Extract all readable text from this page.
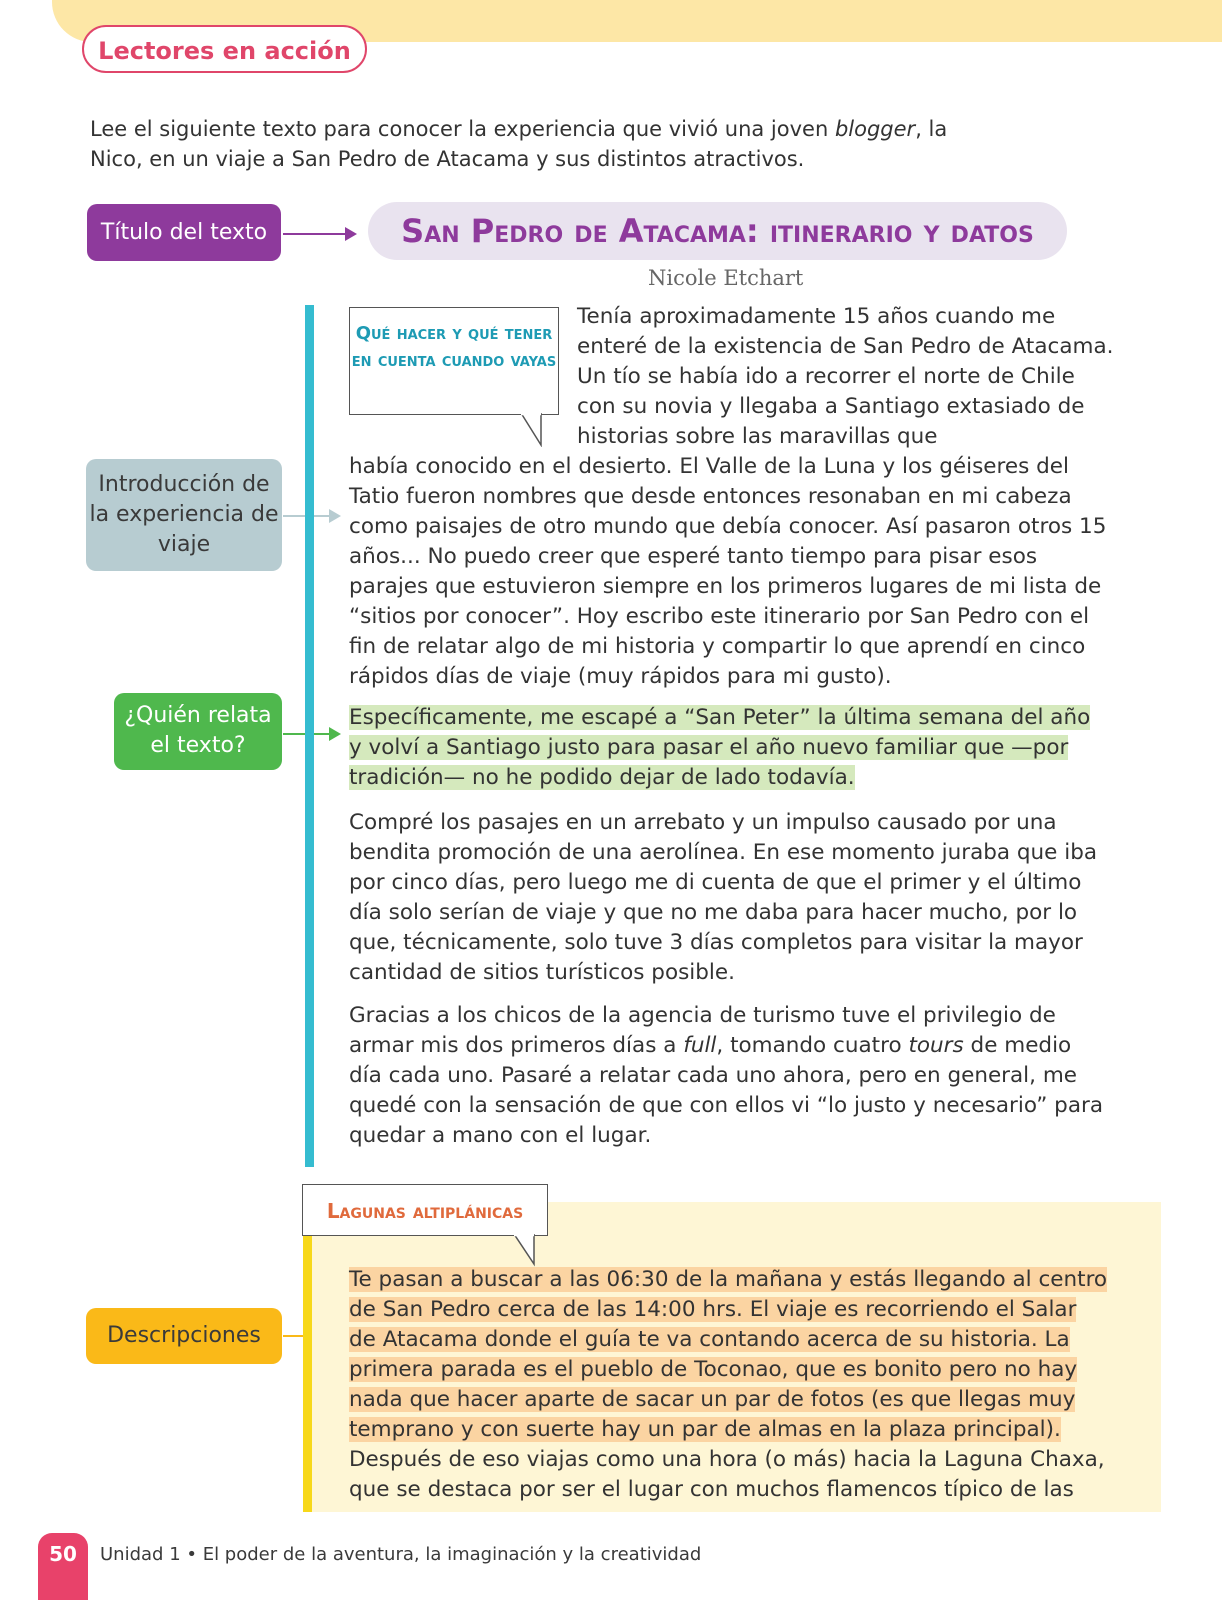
Lectores en acción
Lee el siguiente texto para conocer la experiencia que vivió una joven blogger, la Nico, en un viaje a San Pedro de Atacama y sus distintos atractivos.
Título del texto
Introducción de la experiencia de viaje
¿Quién relata el texto?
Descripciones
San Pedro de Atacama: itinerario y datos
Nicole Etchart
Qué hacer y qué tener en cuenta cuando vayas
Tenía aproximadamente 15 años cuando me enteré de la existencia de San Pedro de Atacama. Un tío se había ido a recorrer el norte de Chile con su novia y llegaba a Santiago extasiado de historias sobre las maravillas que
había conocido en el desierto. El Valle de la Luna y los géiseres del Tatio fueron nombres que desde entonces resonaban en mi cabeza como paisajes de otro mundo que debía conocer. Así pasaron otros 15 años... No puedo creer que esperé tanto tiempo para pisar esos parajes que estuvieron siempre en los primeros lugares de mi lista de “sitios por conocer”. Hoy escribo este itinerario por San Pedro con el fin de relatar algo de mi historia y compartir lo que aprendí en cinco rápidos días de viaje (muy rápidos para mi gusto).
Específicamente, me escapé a “San Peter” la última semana del año y volví a Santiago justo para pasar el año nuevo familiar que —por tradición— no he podido dejar de lado todavía.
Compré los pasajes en un arrebato y un impulso causado por una bendita promoción de una aerolínea. En ese momento juraba que iba por cinco días, pero luego me di cuenta de que el primer y el último día solo serían de viaje y que no me daba para hacer mucho, por lo que, técnicamente, solo tuve 3 días completos para visitar la mayor cantidad de sitios turísticos posible.
Gracias a los chicos de la agencia de turismo tuve el privilegio de armar mis dos primeros días a full, tomando cuatro tours de medio día cada uno. Pasaré a relatar cada uno ahora, pero en general, me quedé con la sensación de que con ellos vi “lo justo y necesario” para quedar a mano con el lugar.
Lagunas altiplánicas
Te pasan a buscar a las 06:30 de la mañana y estás llegando al centro de San Pedro cerca de las 14:00 hrs. El viaje es recorriendo el Salar de Atacama donde el guía te va contando acerca de su historia. La primera parada es el pueblo de Toconao, que es bonito pero no hay nada que hacer aparte de sacar un par de fotos (es que llegas muy temprano y con suerte hay un par de almas en la plaza principal). Después de eso viajas como una hora (o más) hacia la Laguna Chaxa, que se destaca por ser el lugar con muchos flamencos típico de las
50	Unidad 1 • El poder de la aventura, la imaginación y la creatividad
